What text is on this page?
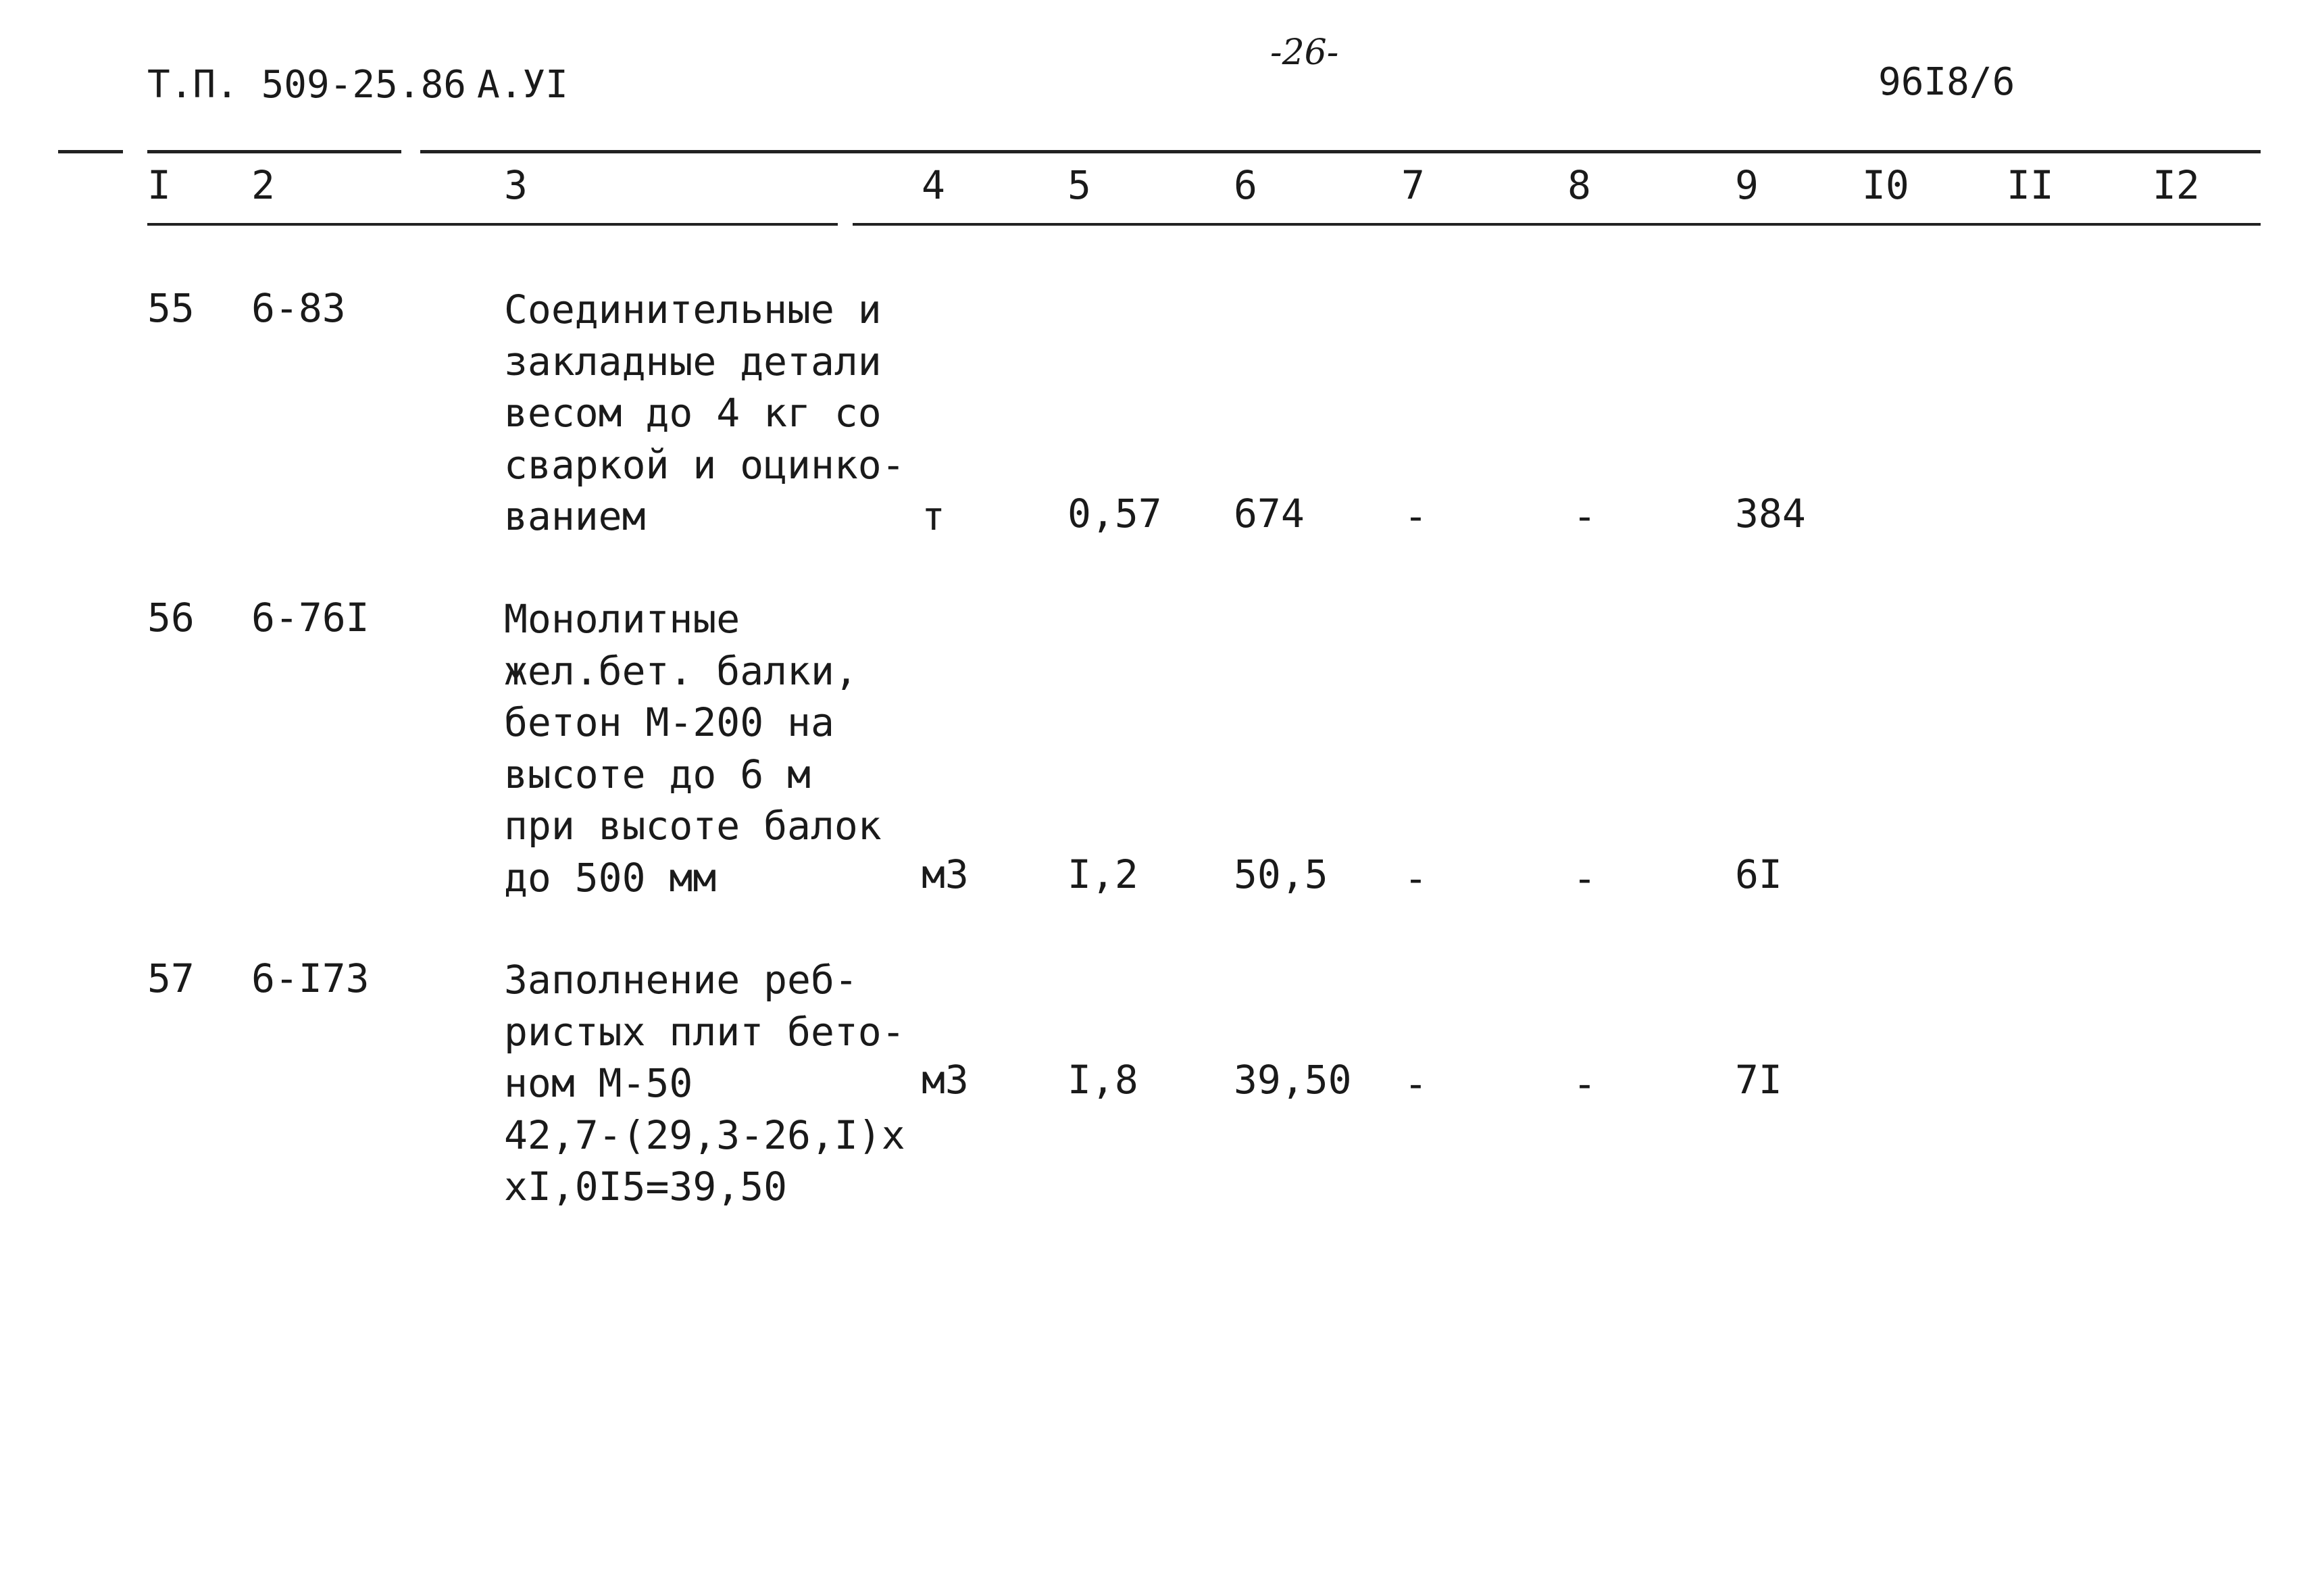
Т.П. 509-25.86 А.УI
-26-
96I8/6
I 2	3	4	5	6	7	8	9	I0 II	I2
55 6-83	Соединительные и
закладные детали
весом до 4 кг со
сваркой и оцинко-
ванием	т	0,57 674	-	-	384
56 6-76I	Монолитные
жел.бет. балки,
бетон М-200 на
высоте до 6 м
при высоте балок
до 500 мм	м3	I,2 50,5 -	-	6I
57 6-I73	Заполнение реб-
ристых плит бето-
ном М-50
42,7-(29,3-26,I)х
хI,0I5=39,50
м3	I,8 39,50 -	-	7I
